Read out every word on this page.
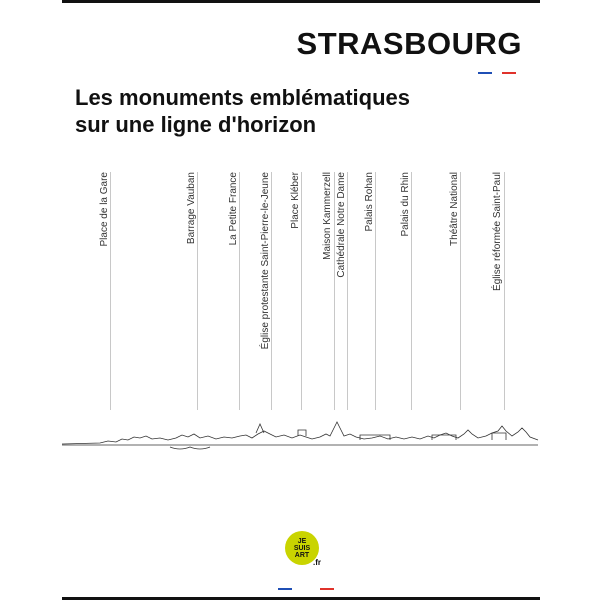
STRASBOURG
Les monuments emblématiques
sur une ligne d'horizon
Place de la Gare	Barrage Vauban	La Petite France Église protestante Saint-Pierre-le-Jeune Place Kléber Maison Kammerzell Cathédrale Notre Dame Palais Rohan	Palais du Rhin	Théâtre National	Église réformée Saint-Paul
JE
SUIS
ART
.fr
